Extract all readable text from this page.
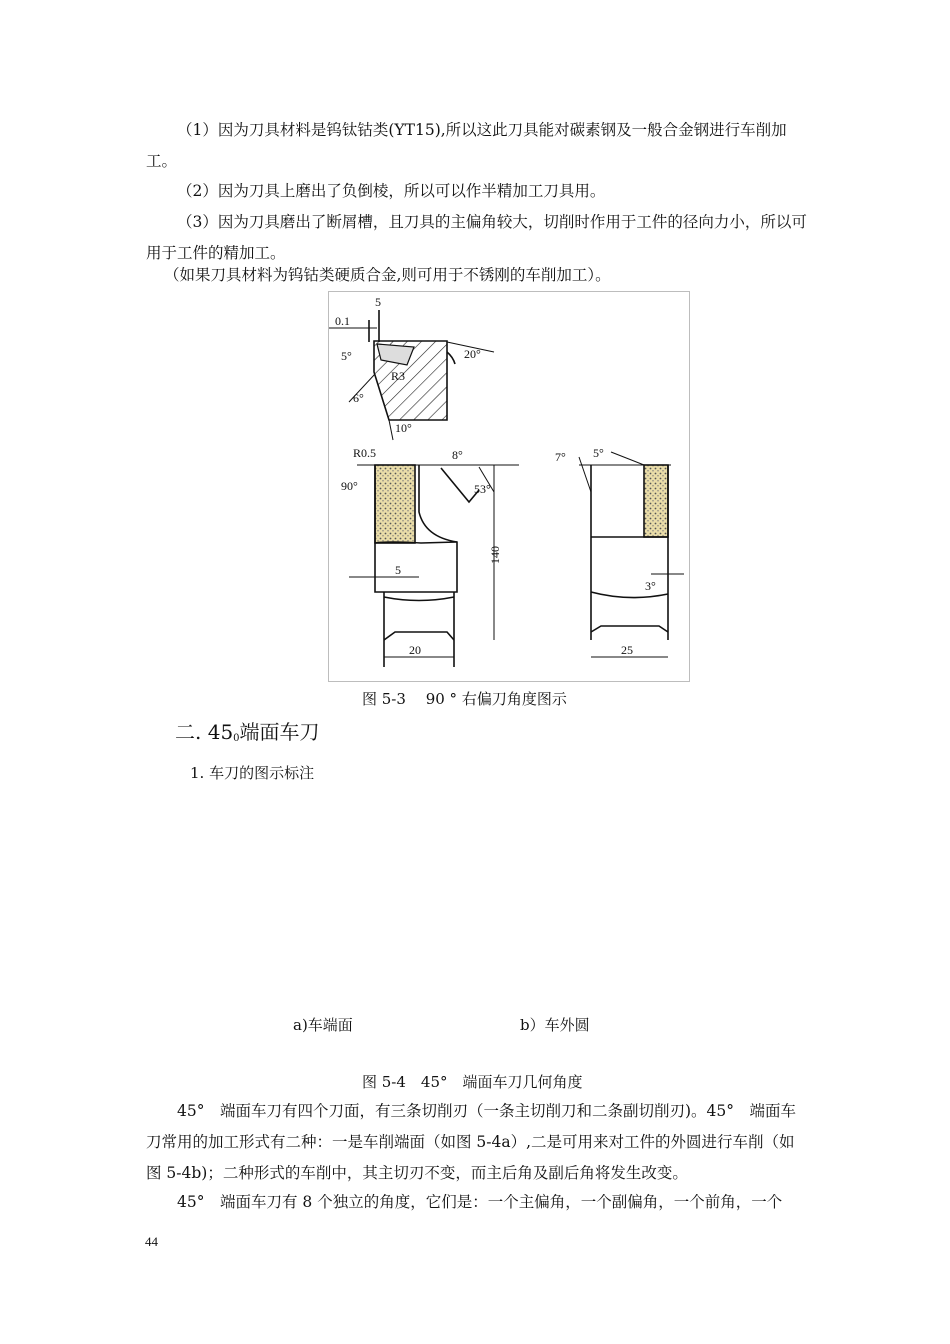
（1）因为刀具材料是钨钛钴类(YT15),所以这此刀具能对碳素钢及一般合金钢进行车削加工。

（2）因为刀具上磨出了负倒棱，所以可以作半精加工刀具用。

（3）因为刀具磨出了断屑槽，且刀具的主偏角较大，切削时作用于工件的径向力小，所以可用于工件的精加工。

（如果刀具材料为钨钴类硬质合金,则可用于不锈刚的车削加工）。

5
0.1
5°	20°
R3
6°
10°
R0.5	8°
90°	53°
140
5
20
7° 5°
3°
25
图 5-3　 90 ° 右偏刀角度图示
二. $45_0$端面车刀
1. 车刀的图示标注
a)车端面	b）车外圆
图 5-4　45°　端面车刀几何角度

45°　端面车刀有四个刀面，有三条切削刃（一条主切削刀和二条副切削刃)。45°　端面车刀常用的加工形式有二种：一是车削端面（如图 5-4a）,二是可用来对工件的外圆进行车削（如图 5-4b)；二种形式的车削中，其主切刃不变，而主后角及副后角将发生改变。

45°　端面车刀有 8 个独立的角度，它们是：一个主偏角，一个副偏角，一个前角，一个

44
